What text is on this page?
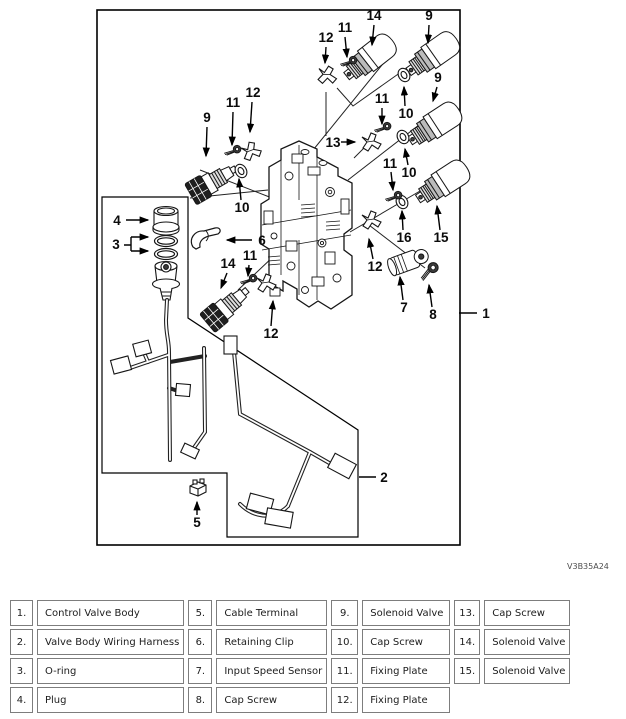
12
11
14	9
9
10
11
13
10
11
16 15
12
7 8	1
9
11
12
10
4
3	6
14
11
12
5
2
V3B35A24
1.	Control Valve Body	5.	Cable Terminal	9.	Solenoid Valve	13.	Cap Screw
2.	Valve Body Wiring Harness	6.	Retaining Clip	10.	Cap Screw	14.	Solenoid Valve
3.	O-ring	7.	Input Speed Sensor	11.	Fixing Plate	15.	Solenoid Valve
4.	Plug	8.	Cap Screw	12.	Fixing Plate		
